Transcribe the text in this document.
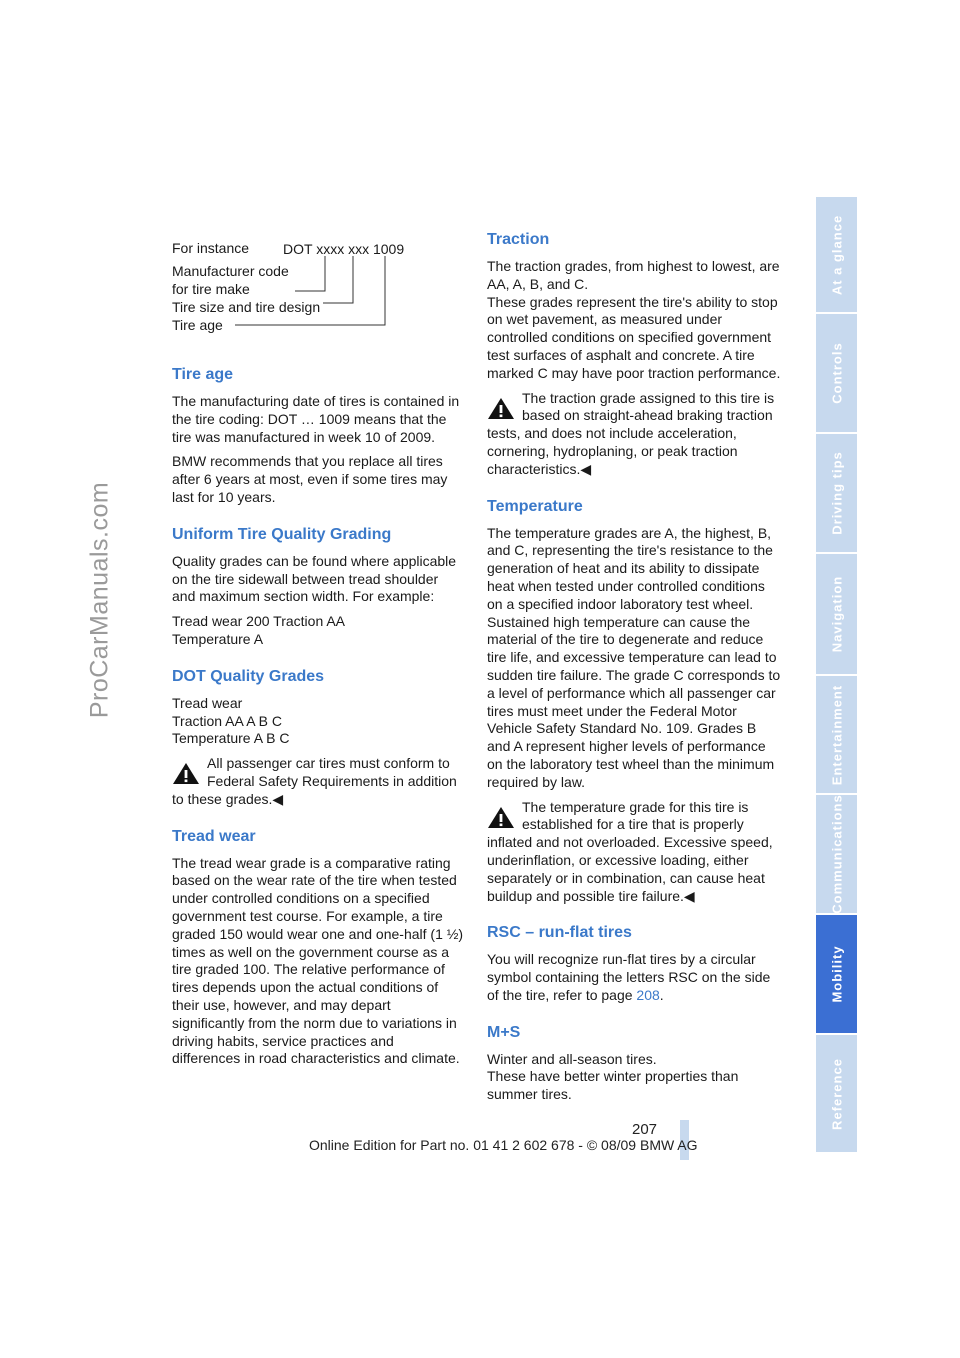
ProCarManuals.com
For instance DOT xxxx xxx 1009
Manufacturer code
for tire make
Tire size and tire design
Tire age
Tire age

The manufacturing date of tires is contained in the tire coding: DOT … 1009 means that the tire was manufactured in week 10 of 2009.

BMW recommends that you replace all tires after 6 years at most, even if some tires may last for 10 years.

Uniform Tire Quality Grading

Quality grades can be found where applicable on the tire sidewall between tread shoulder and maximum section width. For example:

Tread wear 200 Traction AA

Temperature A

DOT Quality Grades

Tread wear

Traction AA A B C

Temperature A B C

All passenger car tires must conform to

Federal Safety Requirements in addition

to these grades.◀

Tread wear

The tread wear grade is a comparative rating based on the wear rate of the tire when tested under controlled conditions on a specified government test course. For example, a tire graded 150 would wear one and one-half (1 ½) times as well on the government course as a tire graded 100. The relative performance of tires depends upon the actual conditions of their use, however, and may depart significantly from the norm due to variations in driving habits, service practices and differences in road characteristics and climate.

Traction

The traction grades, from highest to lowest, are AA, A, B, and C.

These grades represent the tire's ability to stop on wet pavement, as measured under controlled conditions on specified government test surfaces of asphalt and concrete. A tire marked C may have poor traction performance.

The traction grade assigned to this tire is

based on straight-ahead braking traction

tests, and does not include acceleration, cornering, hydroplaning, or peak traction characteristics.◀

Temperature

The temperature grades are A, the highest, B, and C, representing the tire's resistance to the generation of heat and its ability to dissipate heat when tested under controlled conditions on a specified indoor laboratory test wheel. Sustained high temperature can cause the material of the tire to degenerate and reduce tire life, and excessive temperature can lead to sudden tire failure. The grade C corresponds to a level of performance which all passenger car tires must meet under the Federal Motor Vehicle Safety Standard No. 109. Grades B and A represent higher levels of performance on the laboratory test wheel than the minimum required by law.

The temperature grade for this tire is

established for a tire that is properly

inflated and not overloaded. Excessive speed, underinflation, or excessive loading, either separately or in combination, can cause heat buildup and possible tire failure.◀

RSC – run-flat tires

You will recognize run-flat tires by a circular symbol containing the letters RSC on the side of the tire, refer to page 208.

M+S

Winter and all-season tires.

These have better winter properties than summer tires.

At a glance
Controls
Driving tips
Navigation
Entertainment
Communications
Mobility
Reference
207
Online Edition for Part no. 01 41 2 602 678 - © 08/09 BMW AG
